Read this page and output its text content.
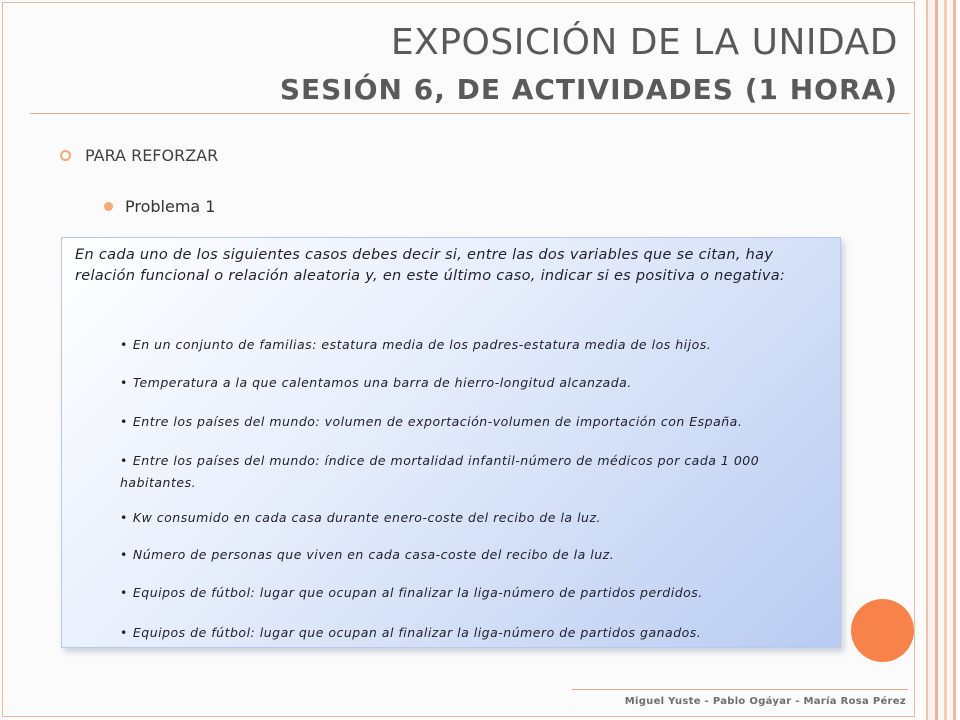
EXPOSICIÓN DE LA UNIDAD
SESIÓN 6, DE ACTIVIDADES (1 HORA)
PARA REFORZAR
Problema 1
En cada uno de los siguientes casos debes decir si, entre las dos variables que se citan, hay relación funcional o relación aleatoria y, en este último caso, indicar si es positiva o negativa:
• En un conjunto de familias: estatura media de los padres-estatura media de los hijos.
• Temperatura a la que calentamos una barra de hierro-longitud alcanzada.
• Entre los países del mundo: volumen de exportación-volumen de importación con España.
• Entre los países del mundo: índice de mortalidad infantil-número de médicos por cada 1 000 habitantes.
• Kw consumido en cada casa durante enero-coste del recibo de la luz.
• Número de personas que viven en cada casa-coste del recibo de la luz.
• Equipos de fútbol: lugar que ocupan al finalizar la liga-número de partidos perdidos.
• Equipos de fútbol: lugar que ocupan al finalizar la liga-número de partidos ganados.
Miguel Yuste - Pablo Ogáyar - María Rosa Pérez
